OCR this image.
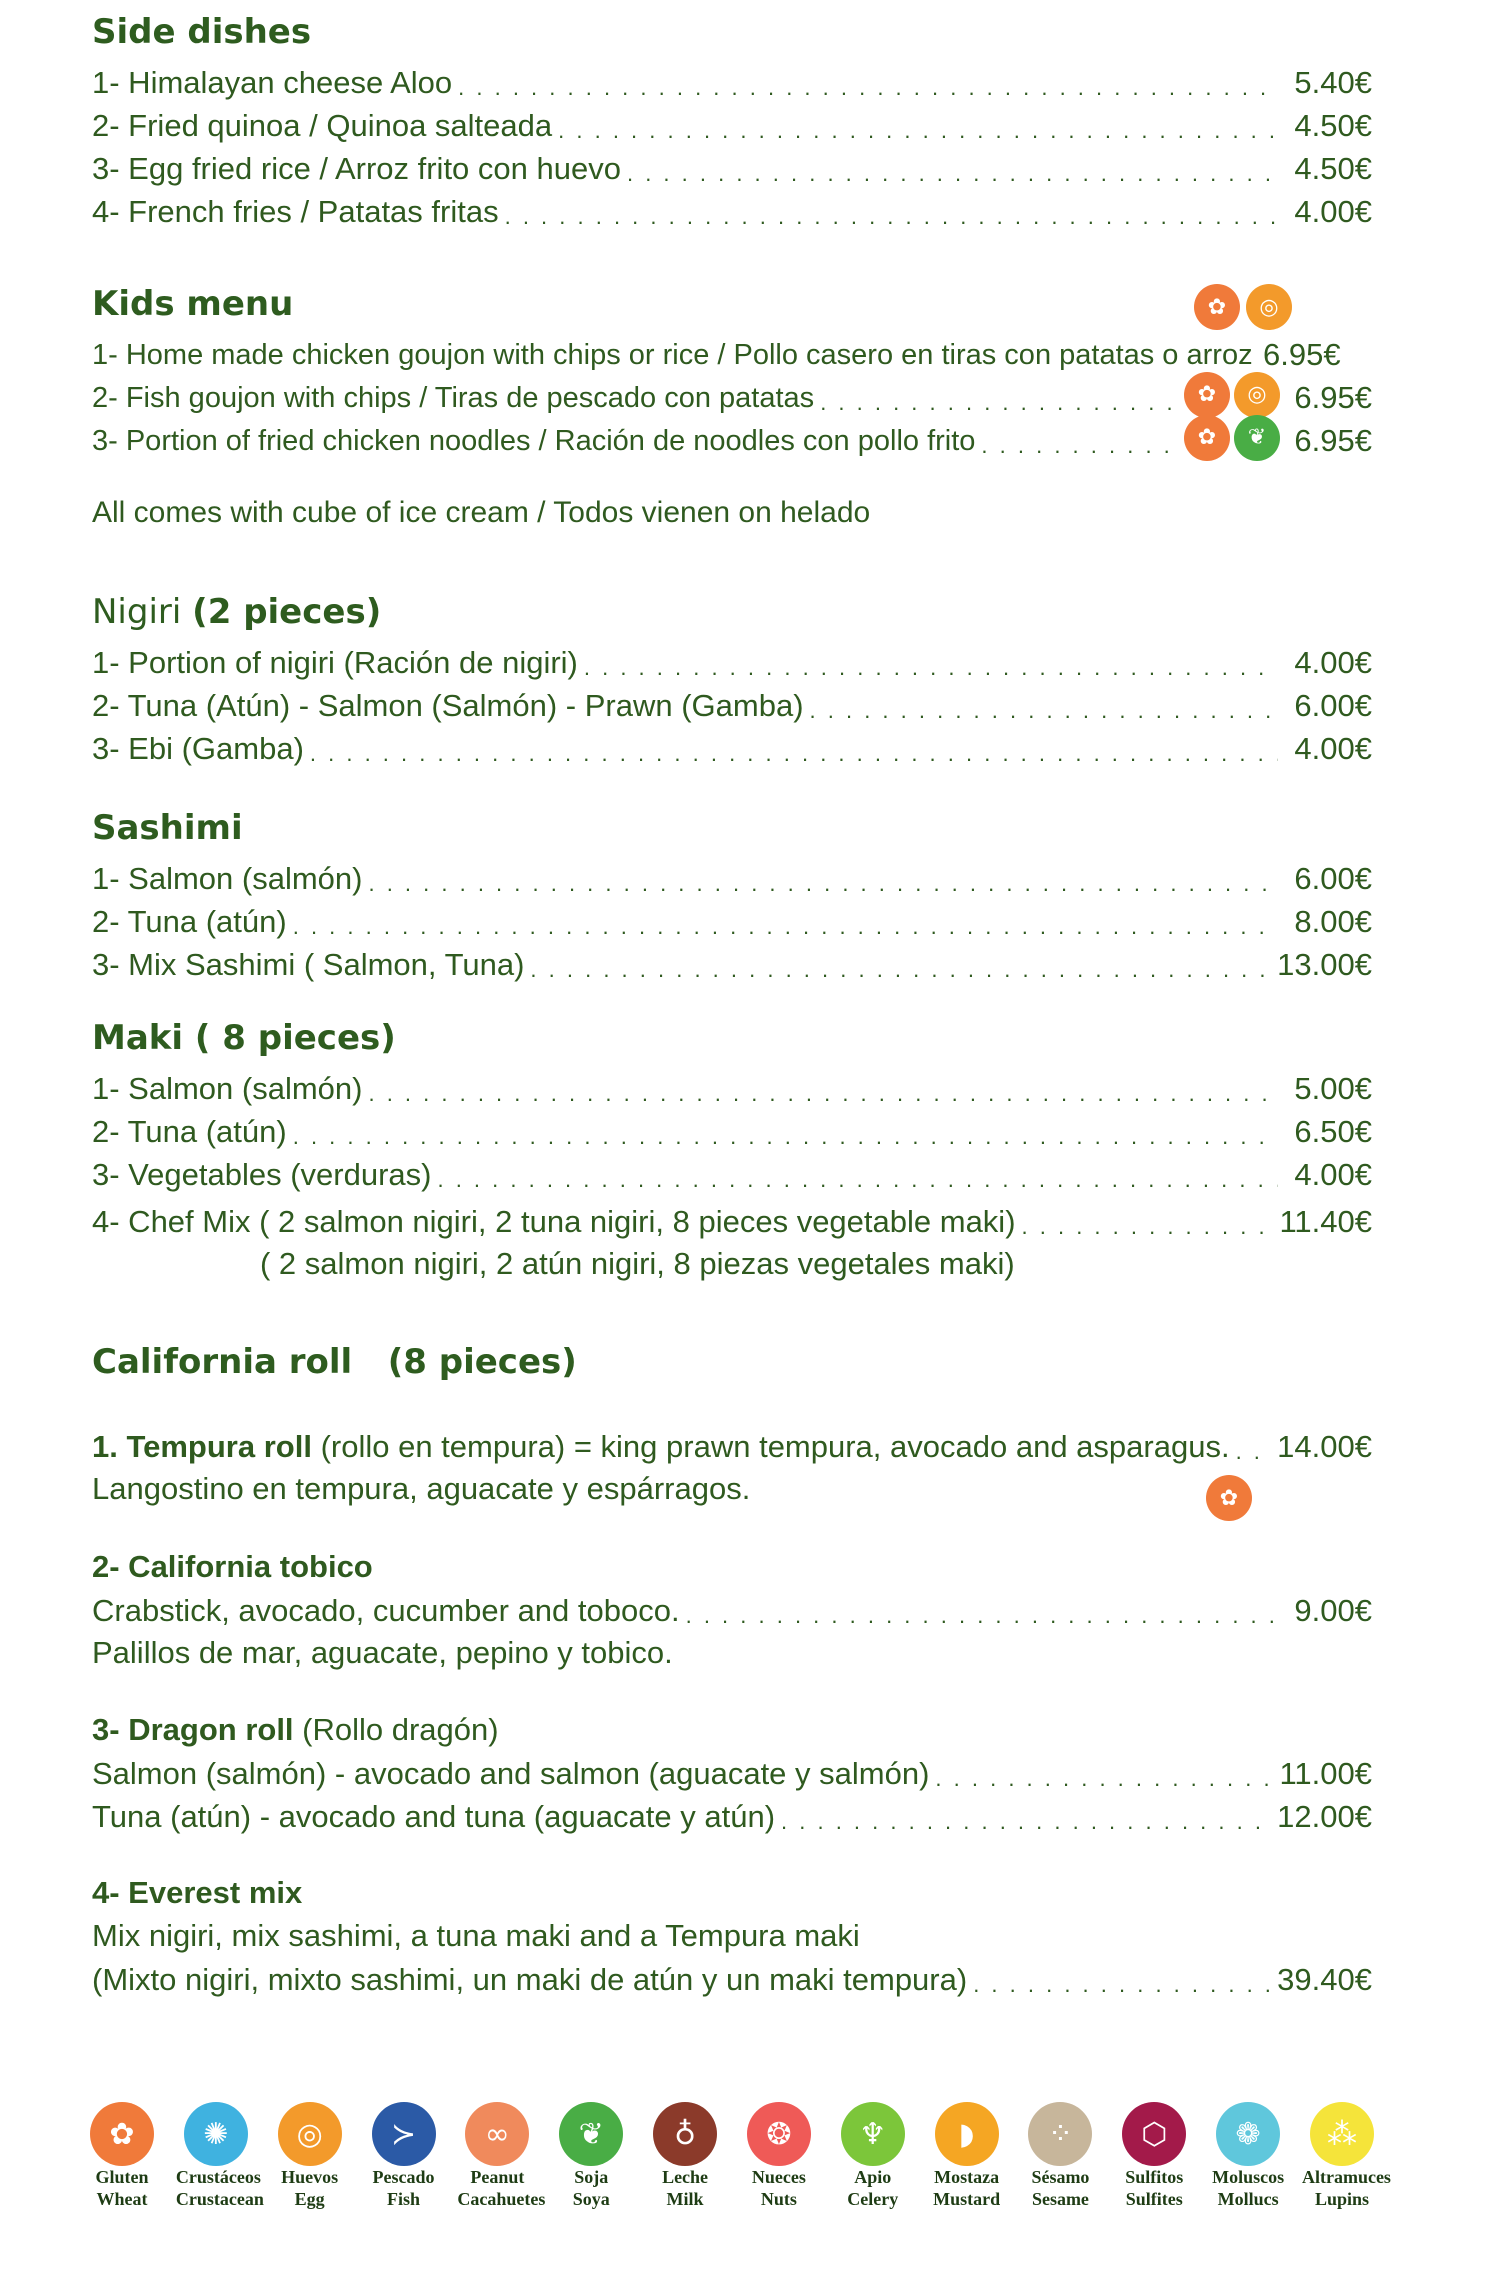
Side dishes
1- Himalayan cheese Aloo . . .	5.40€
2- Fried quinoa / Quinoa salteada . . .	4.50€
3- Egg fried rice / Arroz frito con huevo . . .	4.50€
4- French fries / Patatas fritas . . .	4.00€
Kids menu	✿	◎
1- Home made chicken goujon with chips or rice / Pollo casero en tiras con patatas o arroz 6.95€
2- Fish goujon with chips / Tiras de pescado con patatas . . .	✿	◎ 6.95€
3- Portion of fried chicken noodles / Ración de noodles con pollo frito . . .	✿	❦ 6.95€
All comes with cube of ice cream / Todos vienen on helado
Nigiri (2 pieces)
1- Portion of nigiri (Ración de nigiri) . . .	4.00€
2- Tuna (Atún) - Salmon (Salmón) - Prawn (Gamba) . . .	6.00€
3- Ebi (Gamba) . . .	4.00€
Sashimi
1- Salmon (salmón) . . .	6.00€
2- Tuna (atún) . . .	8.00€
3- Mix Sashimi ( Salmon, Tuna) . . .	13.00€
Maki ( 8 pieces)
1- Salmon (salmón) . . .	5.00€
2- Tuna (atún) . . .	6.50€
3- Vegetables (verduras) . . .	4.00€
4- Chef Mix ( 2 salmon nigiri, 2 tuna nigiri, 8 pieces vegetable maki) . . .	11.40€
( 2 salmon nigiri, 2 atún nigiri, 8 piezas vegetales maki)
California roll (8 pieces)
1. Tempura roll (rollo en tempura) = king prawn tempura, avocado and asparagus. . . . 14.00€
Langostino en tempura, aguacate y espárragos.	✿
2- California tobico
Crabstick, avocado, cucumber and toboco. . . .	9.00€
Palillos de mar, aguacate, pepino y tobico.
3- Dragon roll (Rollo dragón)
Salmon (salmón) - avocado and salmon (aguacate y salmón) . . .	11.00€
Tuna (atún) - avocado and tuna (aguacate y atún) . . .	12.00€
4- Everest mix
Mix nigiri, mix sashimi, a tuna maki and a Tempura maki
(Mixto nigiri, mixto sashimi, un maki de atún y un maki tempura) . . .	39.40€
✿

Gluten
Wheat
✺

Crustáceos
Crustacean
◎

Huevos
Egg
≻

Pescado
Fish
∞

Peanut
Cacahuetes
❦

Soja
Soya
♁

Leche
Milk
❂

Nueces
Nuts
♆

Apio
Celery
◗

Mostaza
Mustard
⁘

Sésamo
Sesame
⬡

Sulfitos
Sulfites
❁

Moluscos
Mollucs
⁂

Altramuces
Lupins
